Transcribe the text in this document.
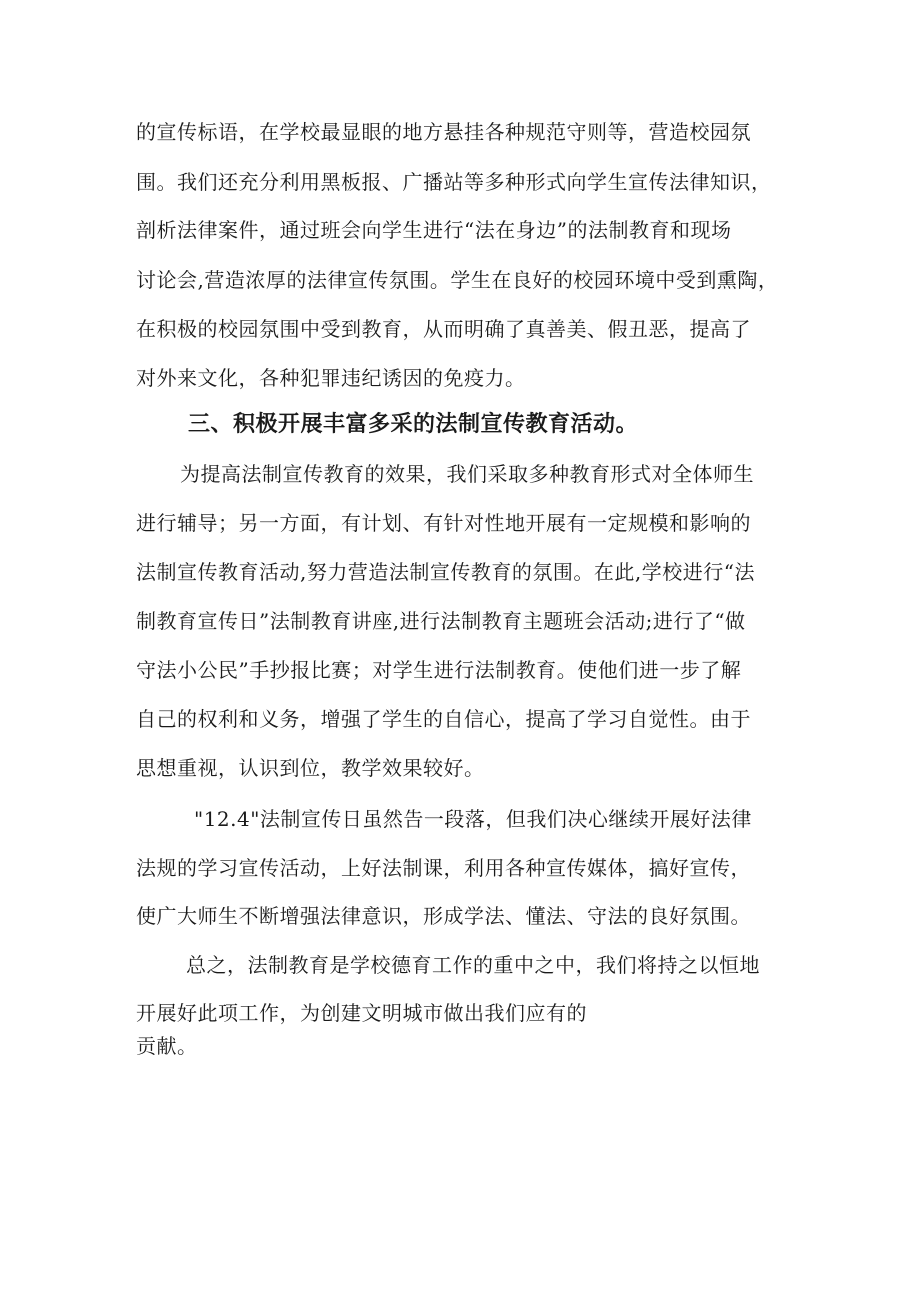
的宣传标语，在学校最显眼的地方悬挂各种规范守则等，营造校园氛
围。我们还充分利用黑板报、广播站等多种形式向学生宣传法律知识，
剖析法律案件，通过班会向学生进行“法在身边”的法制教育和现场
讨论会,营造浓厚的法律宣传氛围。学生在良好的校园环境中受到熏陶，
在积极的校园氛围中受到教育，从而明确了真善美、假丑恶，提高了
对外来文化，各种犯罪违纪诱因的免疫力。
三、积极开展丰富多采的法制宣传教育活动。
为提高法制宣传教育的效果，我们采取多种教育形式对全体师生
进行辅导；另一方面，有计划、有针对性地开展有一定规模和影响的
法制宣传教育活动,努力营造法制宣传教育的氛围。在此,学校进行“法
制教育宣传日”法制教育讲座,进行法制教育主题班会活动;进行了“做
守法小公民”手抄报比赛；对学生进行法制教育。使他们进一步了解
自己的权利和义务，增强了学生的自信心，提高了学习自觉性。由于
思想重视，认识到位，教学效果较好。
"12.4"法制宣传日虽然告一段落，但我们决心继续开展好法律
法规的学习宣传活动，上好法制课，利用各种宣传媒体，搞好宣传，
使广大师生不断增强法律意识，形成学法、懂法、守法的良好氛围。
总之，法制教育是学校德育工作的重中之中，我们将持之以恒地
开展好此项工作，为创建文明城市做出我们应有的
贡献。
